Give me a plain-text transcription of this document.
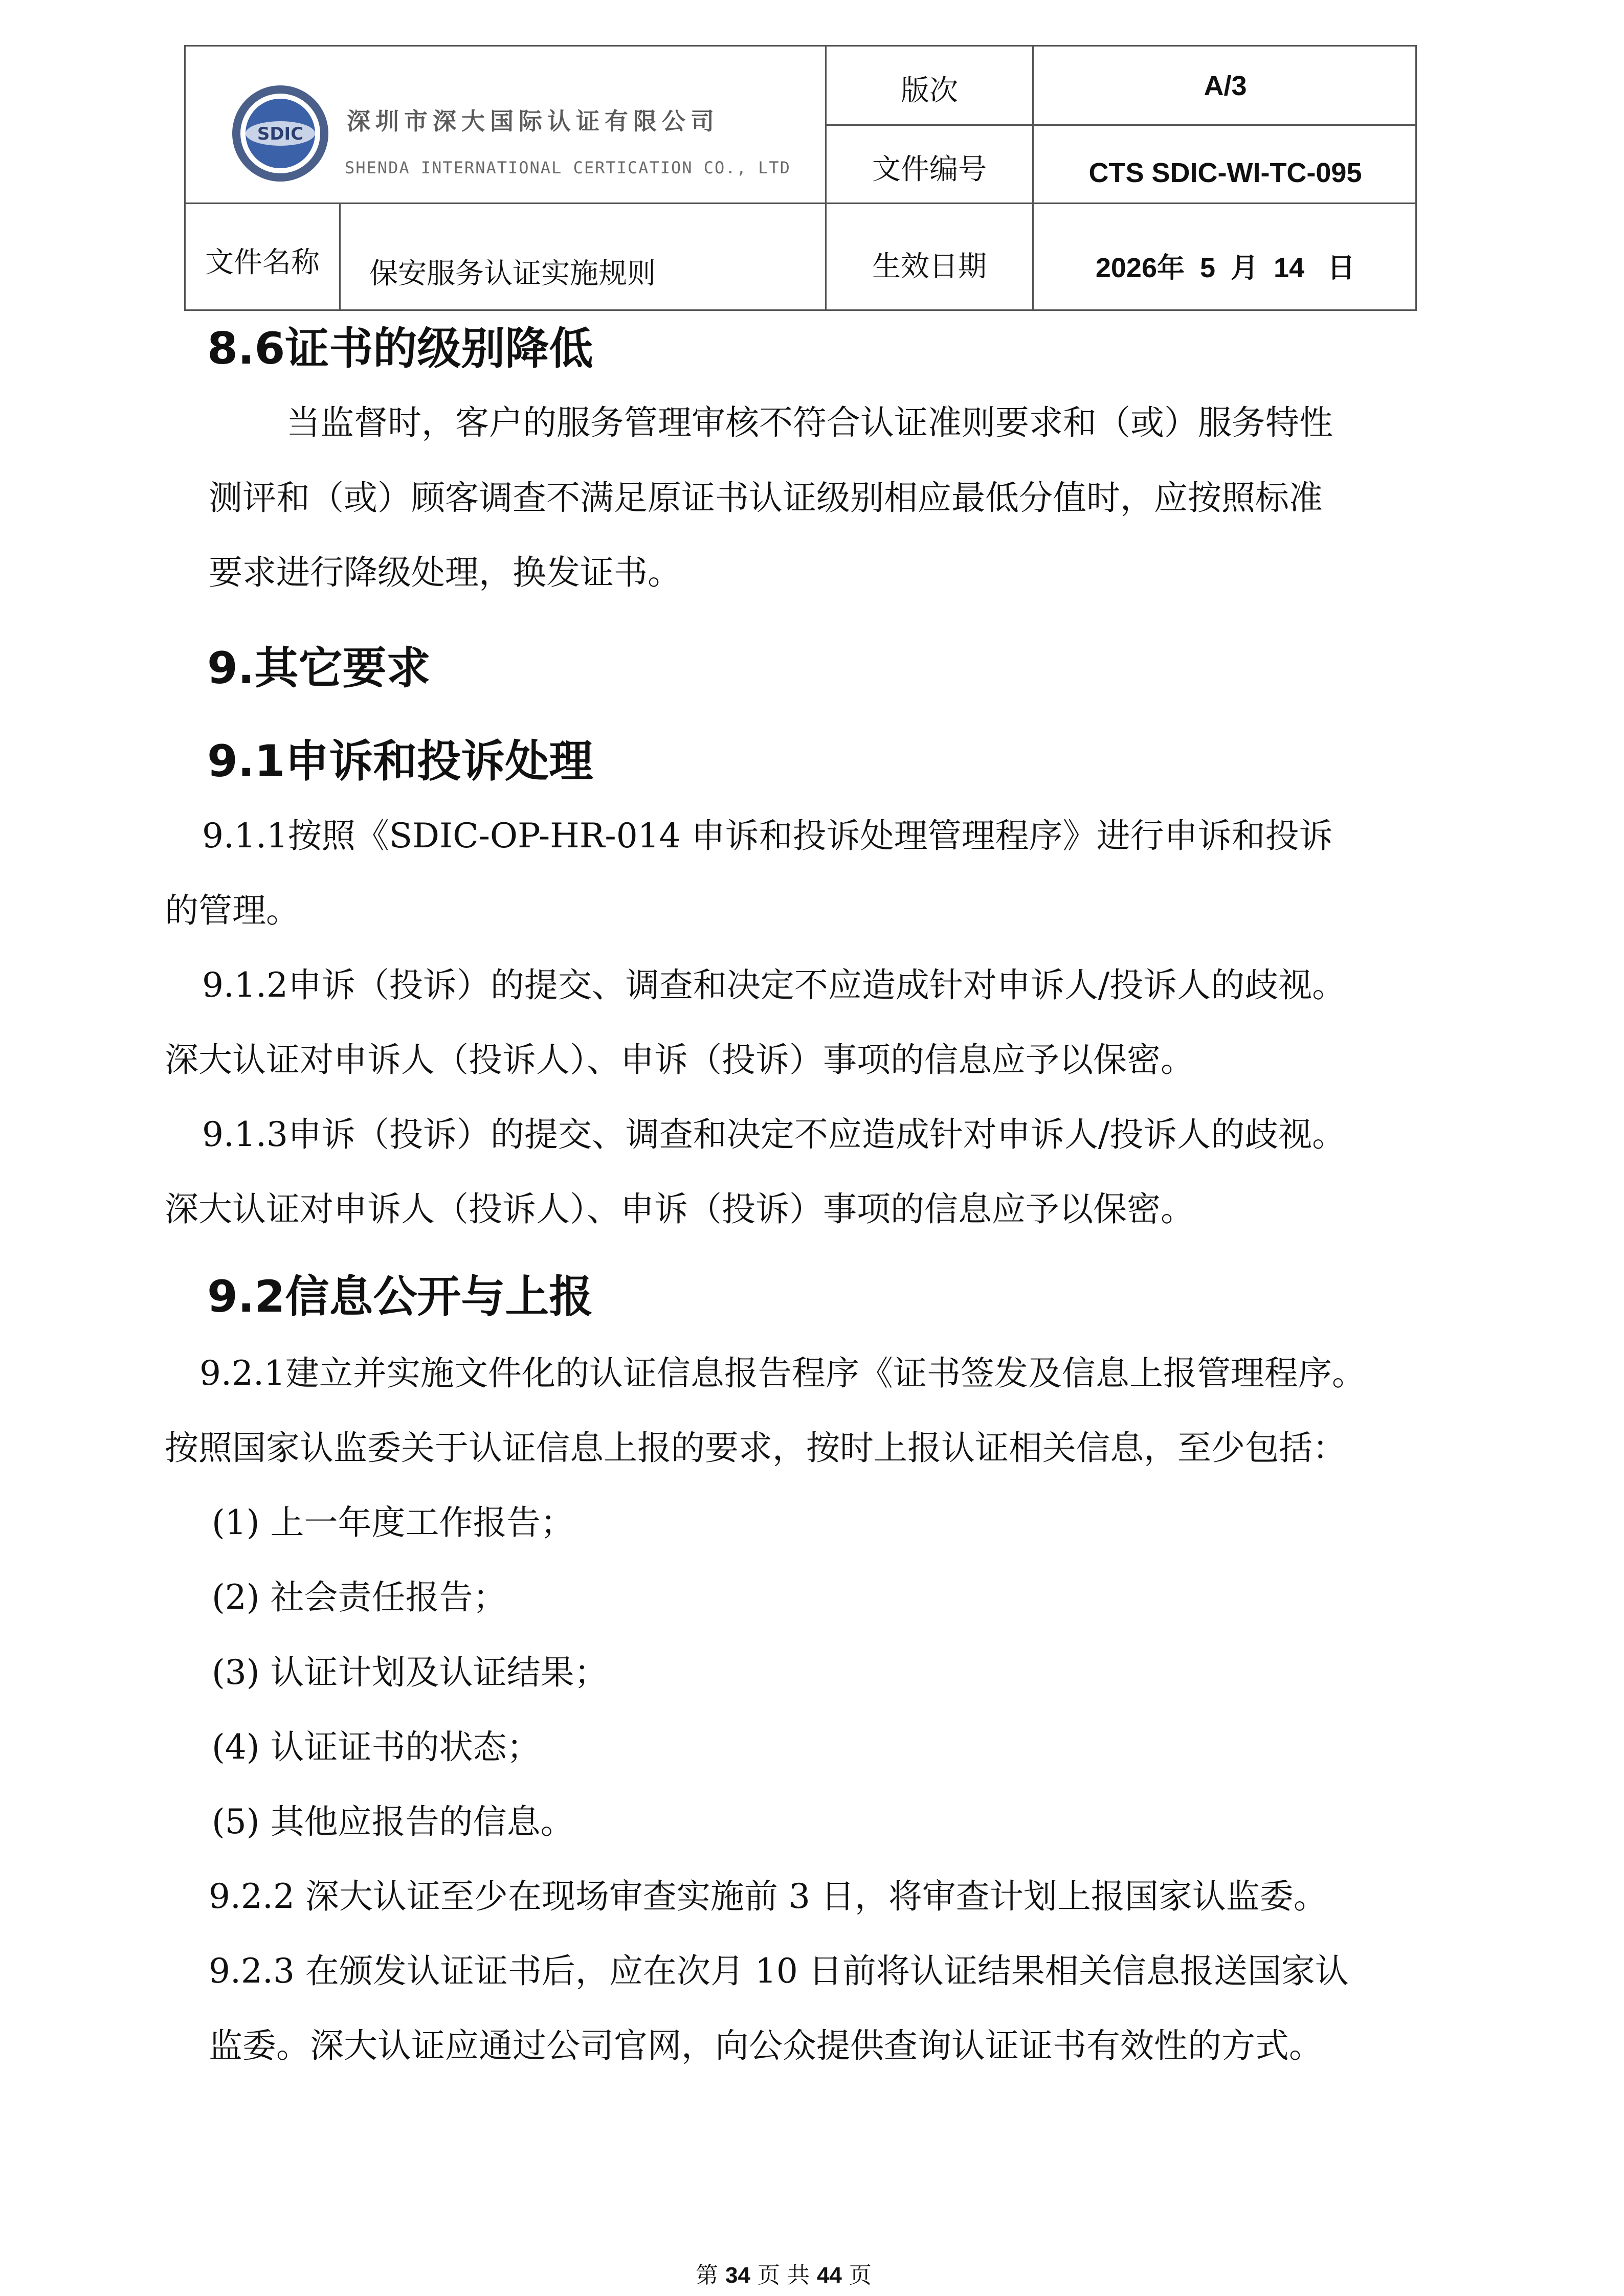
SDIC 深圳市深大国际认证有限公司
SHENDA INTERNATIONAL CERTICATION CO., LTD
版次	A/3
文件编号	CTS SDIC-WI-TC-095
文件名称	保安服务认证实施规则	生效日期	2026年  5  月  14   日
8.6证书的级别降低
当监督时，客户的服务管理审核不符合认证准则要求和（或）服务特性
测评和（或）顾客调查不满足原证书认证级别相应最低分值时，应按照标准
要求进行降级处理，换发证书。
9.其它要求
9.1申诉和投诉处理
9.1.1按照《SDIC-OP-HR-014 申诉和投诉处理管理程序》进行申诉和投诉
的管理。
9.1.2申诉（投诉）的提交、调查和决定不应造成针对申诉人/投诉人的歧视。
深大认证对申诉人（投诉人）、申诉（投诉）事项的信息应予以保密。
9.1.3申诉（投诉）的提交、调查和决定不应造成针对申诉人/投诉人的歧视。
深大认证对申诉人（投诉人）、申诉（投诉）事项的信息应予以保密。
9.2信息公开与上报
9.2.1建立并实施文件化的认证信息报告程序《证书签发及信息上报管理程序。
按照国家认监委关于认证信息上报的要求，按时上报认证相关信息，至少包括：
(1) 上一年度工作报告；
(2) 社会责任报告；
(3) 认证计划及认证结果；
(4) 认证证书的状态；
(5) 其他应报告的信息。
9.2.2 深大认证至少在现场审查实施前 3 日，将审查计划上报国家认监委。
9.2.3 在颁发认证证书后，应在次月 10 日前将认证结果相关信息报送国家认
监委。深大认证应通过公司官网，向公众提供查询认证证书有效性的方式。
第 34 页 共 44 页
